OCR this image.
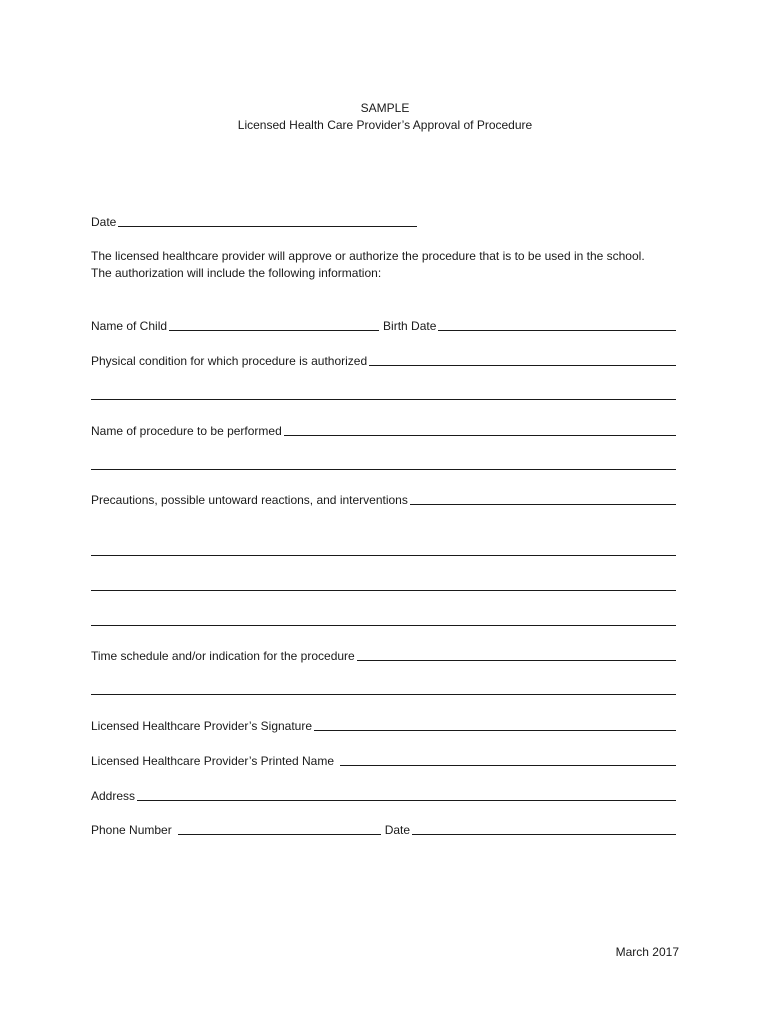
SAMPLE
Licensed Health Care Provider’s Approval of Procedure
Date
The licensed healthcare provider will approve or authorize the procedure that is to be used in the school.
The authorization will include the following information:
Name of Child	Birth Date
Physical condition for which procedure is authorized
Name of procedure to be performed
Precautions, possible untoward reactions, and interventions
Time schedule and/or indication for the procedure
Licensed Healthcare Provider’s Signature
Licensed Healthcare Provider’s Printed Name
Address
Phone Number	Date
March 2017
